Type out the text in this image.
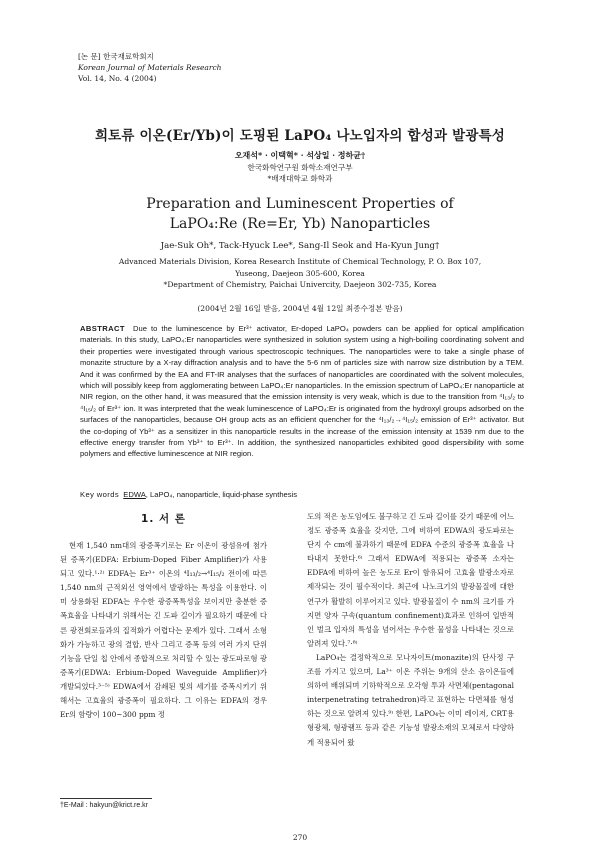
[논 문] 한국재료학회지
Korean Journal of Materials Research
Vol. 14, No. 4 (2004)
희토류 이온(Er/Yb)이 도핑된 LaPO₄ 나노입자의 합성과 발광특성
오재석* · 이택혁* · 석상일 · 정하균†
한국화학연구원 화학소재연구부
*배재대학교 화학과
Preparation and Luminescent Properties of
LaPO₄:Re (Re=Er, Yb) Nanoparticles
Jae-Suk Oh*, Tack-Hyuck Lee*, Sang-Il Seok and Ha-Kyun Jung†
Advanced Materials Division, Korea Research Institute of Chemical Technology, P. O. Box 107,
Yuseong, Daejeon 305-600, Korea
*Department of Chemistry, Paichai Univercity, Daejeon 302-735, Korea
(2004년 2월 16일 받음, 2004년 4월 12일 최종수정본 받음)
ABSTRACT Due to the luminescence by Er³⁺ activator, Er-doped LaPO₄ powders can be applied for optical amplification materials. In this study, LaPO₄:Er nanoparticles were synthesized in solution system using a high-boiling coordinating solvent and their properties were investigated through various spectroscopic techniques. The nanoparticles were to take a single phase of monazite structure by a X-ray diffraction analysis and to have the 5-6 nm of particles size with narrow size distribution by a TEM. And it was confirmed by the EA and FT-IR analyses that the surfaces of nanoparticles are coordinated with the solvent molecules, which will possibly keep from agglomerating between LaPO₄:Er nanoparticles. In the emission spectrum of LaPO₄:Er nanoparticle at NIR region, on the other hand, it was measured that the emission intensity is very weak, which is due to the transition from ⁴I₁₃/₂ to ⁴I₁₅/₂ of Er³⁺ ion. It was interpreted that the weak luminescence of LaPO₄:Er is originated from the hydroxyl groups adsorbed on the surfaces of the nanoparticles, because OH group acts as an efficient quencher for the ⁴I₁₃/₂→⁴I₁₅/₂ emission of Er³⁺ activator. But the co-doping of Yb³⁺ as a sensitizer in this nanoparticle results in the increase of the emission intensity at 1539 nm due to the effective energy transfer from Yb³⁺ to Er³⁺. In addition, the synthesized nanoparticles exhibited good dispersibility with some polymers and effective luminescence at NIR region.
Key words EDWA, LaPO₄, nanoparticle, liquid-phase synthesis
1. 서 론

현재 1,540 nm대의 광증폭기로는 Er 이온이 광섬유에 첨가된 증폭기(EDFA: Erbium-Doped Fiber Amplifier)가 사용되고 있다.¹·²⁾ EDFA는 Er³⁺ 이온의 ⁴I₁₃/₂→⁴I₁₅/₂ 전이에 따른 1,540 nm의 근적외선 영역에서 발광하는 특성을 이용한다. 이미 상용화된 EDFA는 우수한 광증폭특성을 보이지만 충분한 증폭효율을 나타내기 위해서는 긴 도파 길이가 필요하기 때문에 다른 광전회로들과의 집적화가 어렵다는 문제가 있다. 그래서 소형화가 가능하고 광의 결합, 반사 그리고 증폭 등의 여러 가지 단위기능을 단일 칩 안에서 종합적으로 처리할 수 있는 광도파로형 광증폭기(EDWA: Erbium-Doped Waveguide Amplifier)가 개발되었다.³⁻⁵⁾ EDWA에서 감쇄된 빛의 세기를 증폭시키기 위해서는 고효율의 광증폭이 필요하다. 그 이유는 EDFA의 경우 Er의 함량이 100~300 ppm 정

도의 적은 농도임에도 불구하고 긴 도파 길이를 갖기 때문에 어느 정도 광증폭 효율을 갖지만, 그에 비하여 EDWA의 광도파로는 단지 수 cm에 불과하기 때문에 EDFA 수준의 광증폭 효율을 나타내지 못한다.⁶⁾ 그래서 EDWA에 적용되는 광증폭 소자는 EDFA에 비하여 높은 농도로 Er이 함유되어 고효율 발광소자로 제작되는 것이 필수적이다. 최근에 나노크기의 발광물질에 대한 연구가 활발히 이루어지고 있다. 발광물질이 수 nm의 크기를 가지면 양자 구속(quantum confinement)효과로 인하여 일반적인 벌크 입자의 특성을 넘어서는 우수한 물성을 나타내는 것으로 알려져 있다.⁷·⁸⁾

LaPO₄는 결정학적으로 모나자이트(monazite)의 단사정 구조를 가지고 있으며, La³⁺ 이온 주위는 9개의 산소 음이온들에 의하여 배위되며 기하학적으로 오각형 투과 사면체(pentagonal interpenetrating tetrahedron)라고 표현하는 다면체를 형성하는 것으로 알려져 있다.⁹⁾ 한편, LaPO₄는 이미 레이저, CRT용 형광체, 형광램프 등과 같은 기능성 발광소재의 모체로서 다양하게 적용되어 왔

†E-Mail : hakyun@krict.re.kr
270
